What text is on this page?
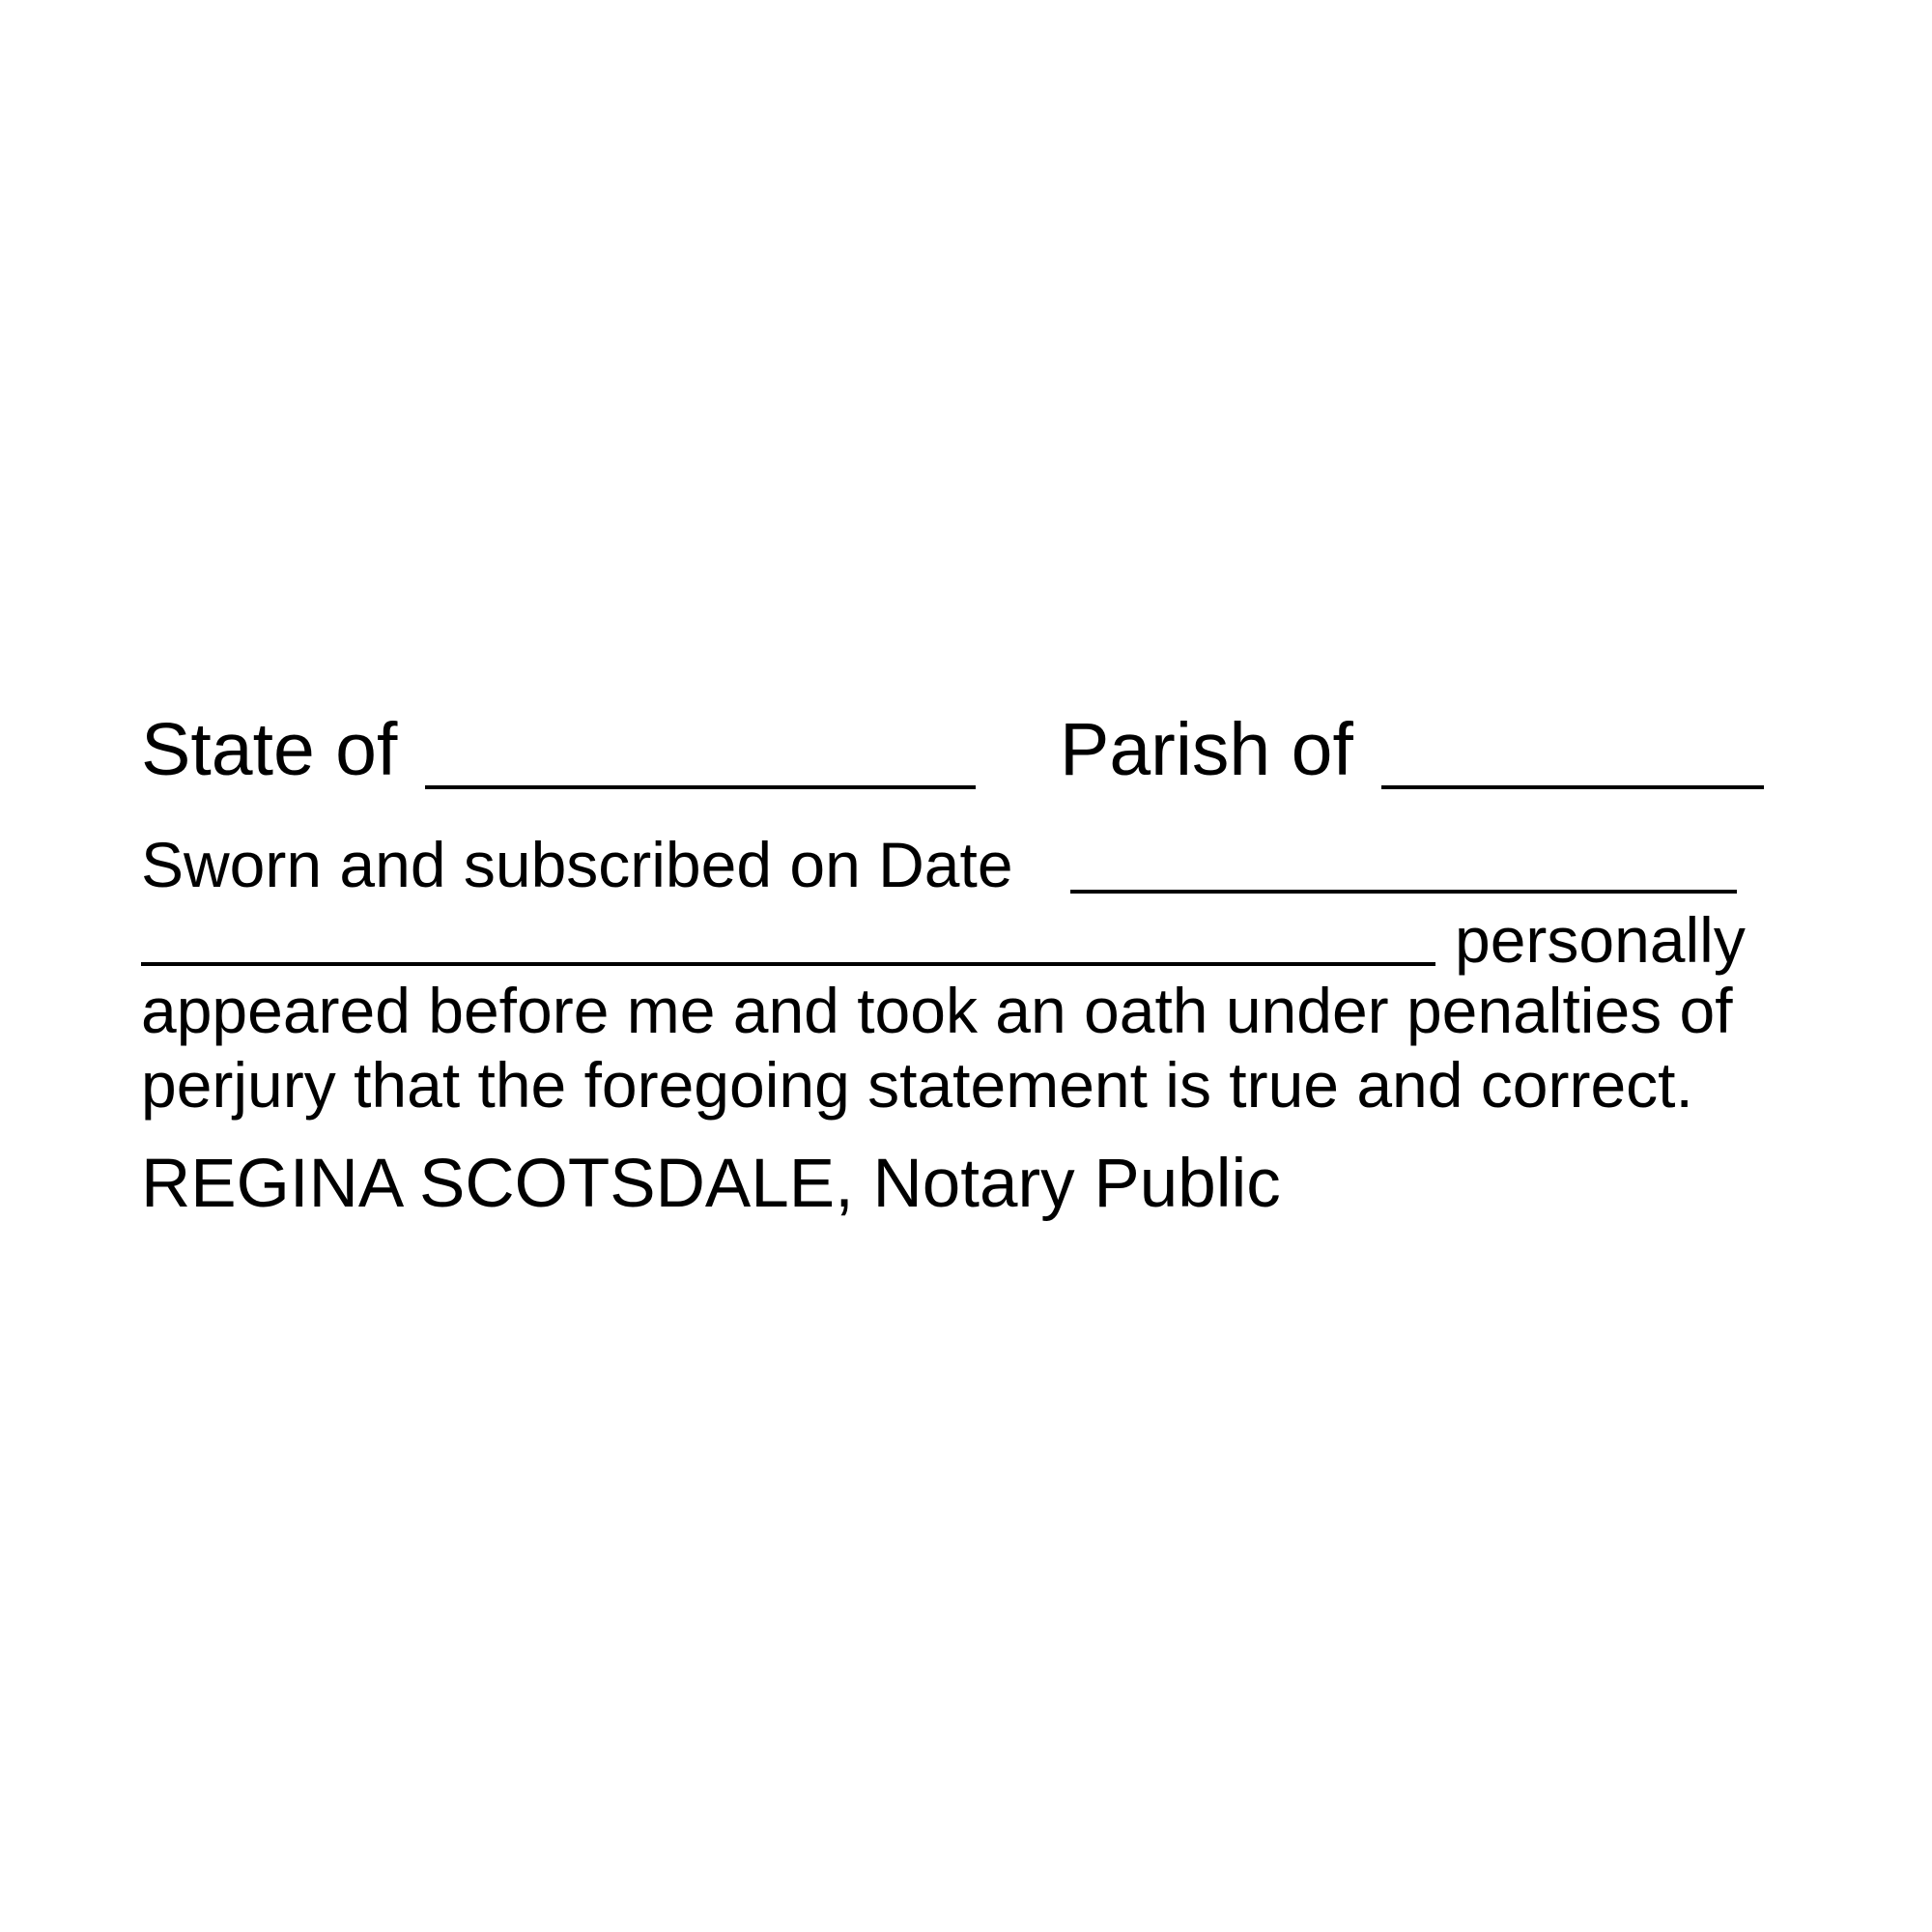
State of	Parish of
Sworn and subscribed on Date
personally
appeared before me and took an oath under penalties of
perjury that the foregoing statement is true and correct.
REGINA SCOTSDALE, Notary Public
